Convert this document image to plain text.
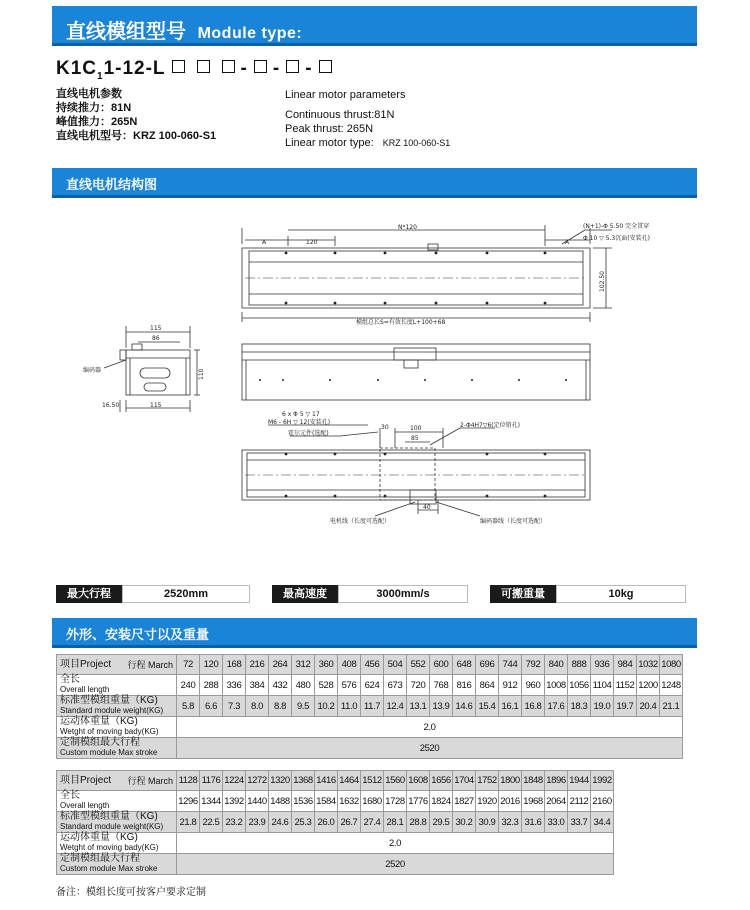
直线模组型号 Module type:
$K1C_11-12-L$	- - -
直线电机参数
持续推力：81N
峰值推力：265N
直线电机型号：KRZ 100-060-S1
Linear motor parameters
Continuous thrust:81N
Peak thrust: 265N
Linear motor type: KRZ 100-060-S1
直线电机结构图
N*120
120
A	A
(N+1)-Φ 5.50 完全贯穿
Φ 10 ▽ 5.3沉面(安装孔)
102.50
模组总长S=有效长度L+100+68
115
86
110
16.50	115
编码器
6 x Φ 5 ▽ 17
M6 - 6H ▽ 12(安装孔)
霍尔元件(选配)
30	100
85
40
2-Φ4H7▽6(定位销孔)
电机线（长度可选配）	编码器线（长度可选配）
最大行程	2520mm	最高速度	3000mm/s	可搬重量	10kg
外形、安装尺寸以及重量
项目Project 行程 March	72	120	168	216	264	312	360	408	456	504	552	600	648	696	744	792	840	888	936	984	1032	1080
全长
Overall length	240	288	336	384	432	480	528	576	624	673	720	768	816	864	912	960	1008	1056	1104	1152	1200	1248
标准型模组重量（KG)
Standard module weight(KG)	5.8	6.6	7.3	8.0	8.8	9.5	10.2	11.0	11.7	12.4	13.1	13.9	14.6	15.4	16.1	16.8	17.6	18.3	19.0	19.7	20.4	21.1
运动体重量（KG)
Wetght of moving bady(KG)	2.0																					
定制模组最大行程
Custom module Max stroke	2520																					
项目Project 行程 March	1128	1176	1224	1272	1320	1368	1416	1464	1512	1560	1608	1656	1704	1752	1800	1848	1896	1944	1992
全长
Overall length	1296	1344	1392	1440	1488	1536	1584	1632	1680	1728	1776	1824	1827	1920	2016	1968	2064	2112	2160
标准型模组重量（KG)
Standard module weight(KG)	21.8	22.5	23.2	23.9	24.6	25.3	26.0	26.7	27.4	28.1	28.8	29.5	30.2	30.9	32.3	31.6	33.0	33.7	34.4
运动体重量（KG)
Wetght of moving bady(KG)	2.0																		
定制模组最大行程
Custom module Max stroke	2520																		
备注：模组长度可按客户要求定制
